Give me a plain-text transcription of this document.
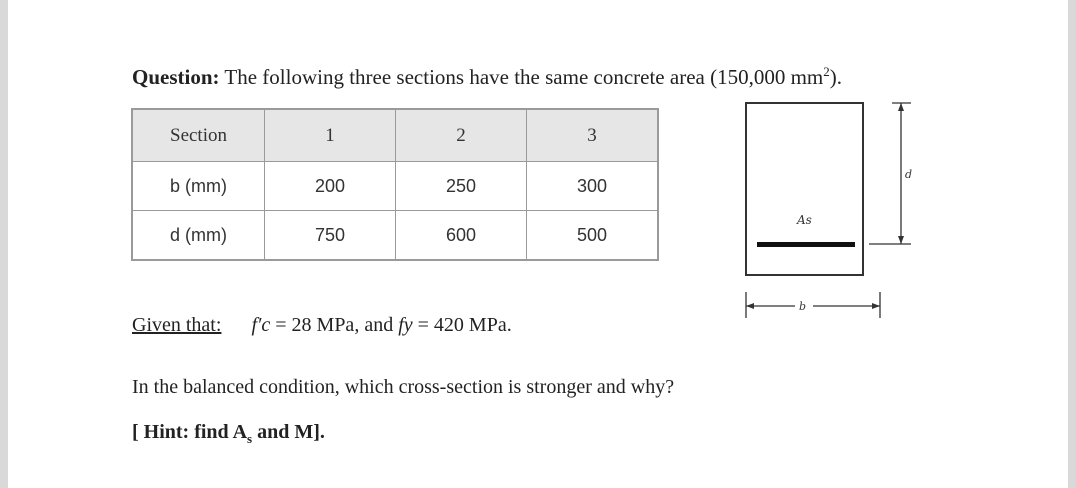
Question: The following three sections have the same concrete area (150,000 $mm^2$).
Section	1	2	3
b (mm)	200	250	300
d (mm)	750	600	500
Given that: f′c = 28 MPa, and fy = 420 MPa.
In the balanced condition, which cross-section is stronger and why?
[ Hint: find $A_s$ and M].
As
d
b
